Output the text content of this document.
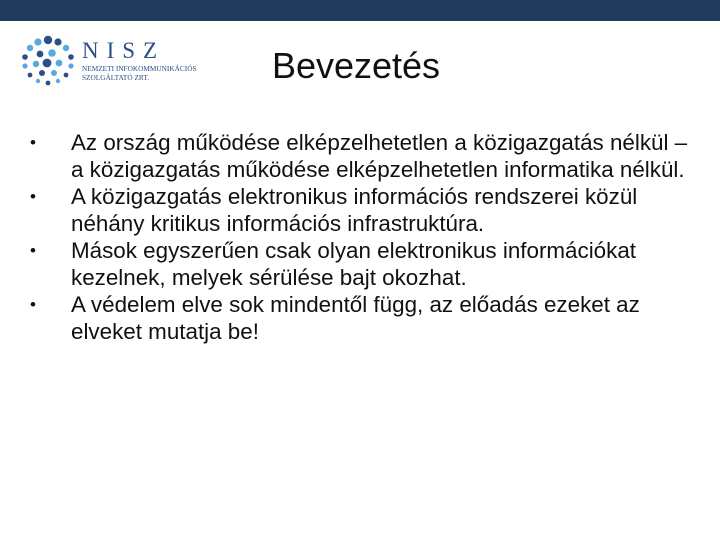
NISZ
NEMZETI INFOKOMMUNIKÁCIÓS
SZOLGÁLTATÓ ZRT.	Bevezetés
• Az ország működése elképzelhetetlen a közigazgatás nélkül – a közigazgatás működése elképzelhetetlen informatika nélkül.
• A közigazgatás elektronikus információs rendszerei közül néhány kritikus információs infrastruktúra.
• Mások egyszerűen csak olyan elektronikus információkat kezelnek, melyek sérülése bajt okozhat.
• A védelem elve sok mindentől függ, az előadás ezeket az elveket mutatja be!
